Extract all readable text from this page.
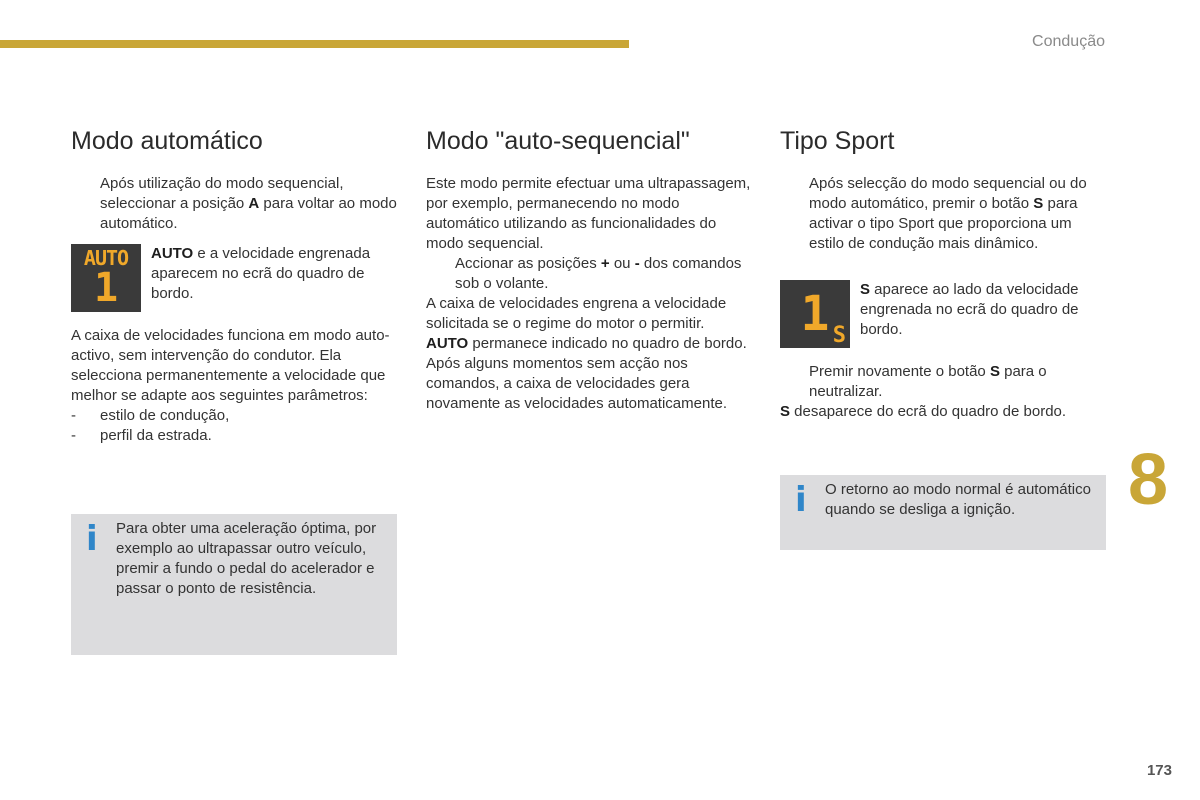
Condução
8
173
Modo automático

Após utilização do modo sequencial, seleccionar a posição A para voltar ao modo automático.

AUTO
1

AUTO e a velocidade engrenada aparecem no ecrã do quadro de bordo.

A caixa de velocidades funciona em modo auto-activo, sem intervenção do condutor. Ela selecciona permanentemente a velocidade que melhor se adapte aos seguintes parâmetros:

- estilo de condução,

- perfil da estrada.

i Para obter uma aceleração óptima, por exemplo ao ultrapassar outro veículo, premir a fundo o pedal do acelerador e passar o ponto de resistência.

Modo "auto-sequencial"

Este modo permite efectuar uma ultrapassagem, por exemplo, permanecendo no modo automático utilizando as funcionalidades do modo sequencial.

Accionar as posições + ou - dos comandos sob o volante.

A caixa de velocidades engrena a velocidade solicitada se o regime do motor o permitir.

AUTO permanece indicado no quadro de bordo.

Após alguns momentos sem acção nos comandos, a caixa de velocidades gera novamente as velocidades automaticamente.

Tipo Sport

Após selecção do modo sequencial ou do modo automático, premir o botão S para activar o tipo Sport que proporciona um estilo de condução mais dinâmico.

1 S

S aparece ao lado da velocidade engrenada no ecrã do quadro de bordo.

Premir novamente o botão S para o neutralizar.

S desaparece do ecrã do quadro de bordo.

i O retorno ao modo normal é automático quando se desliga a ignição.
